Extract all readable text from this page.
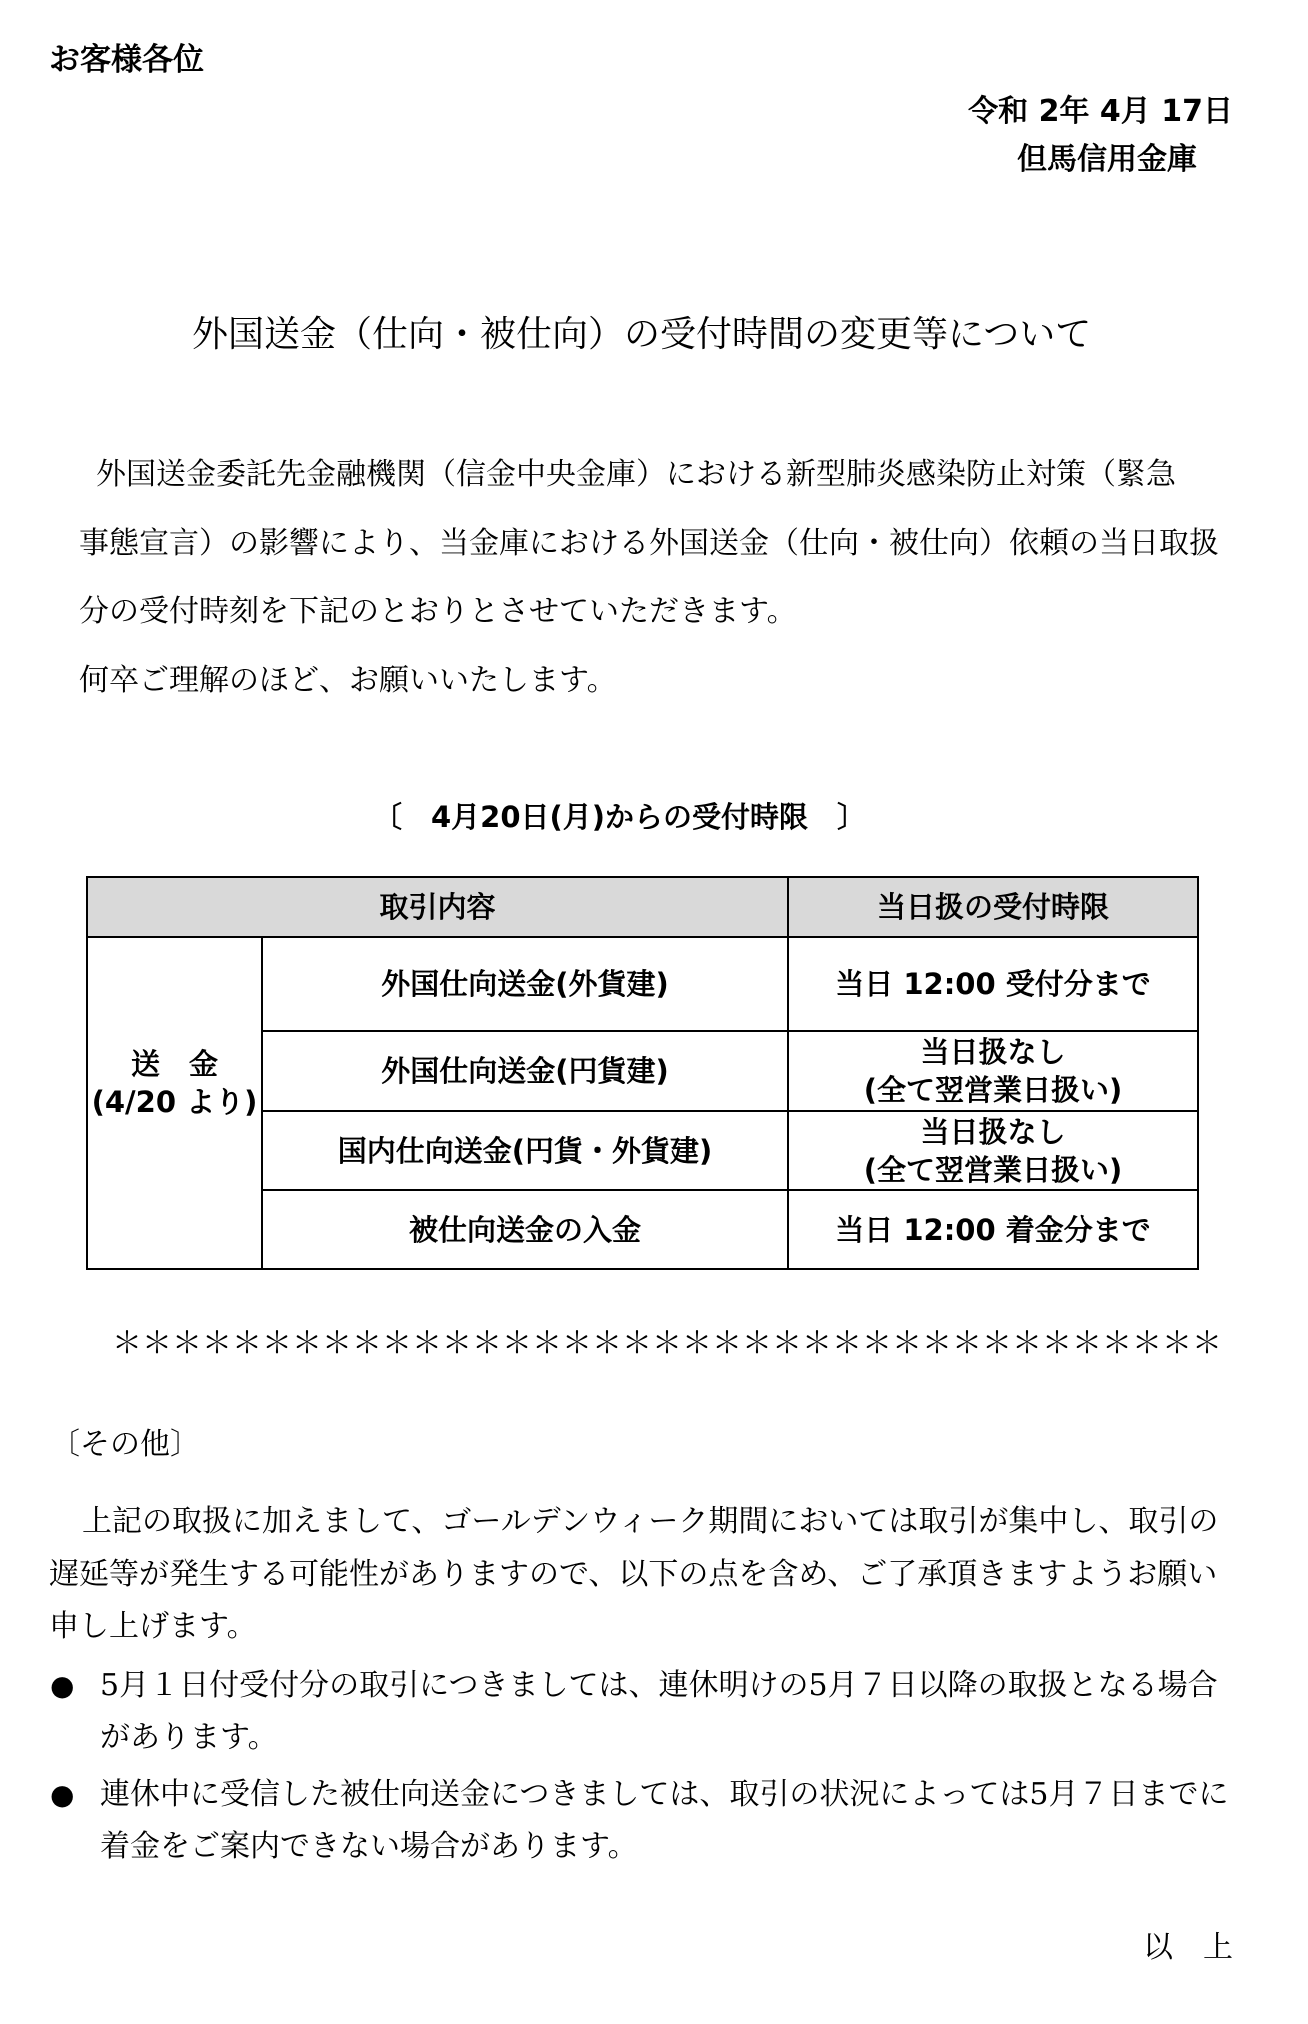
お客様各位
令和 2年 4月 17日
但馬信用金庫
外国送金（仕向・被仕向）の受付時間の変更等について
外国送金委託先金融機関（信金中央金庫）における新型肺炎感染防止対策（緊急
事態宣言）の影響により、当金庫における外国送金（仕向・被仕向）依頼の当日取扱
分の受付時刻を下記のとおりとさせていただきます。
何卒ご理解のほど、お願いいたします。
〔　4月20日(月)からの受付時限　〕
取引内容		当日扱の受付時限

送　金
(4/20 より)	外国仕向送金(外貨建)	当日 12:00 受付分まで

	外国仕向送金(円貨建)	当日扱なし
(全て翌営業日扱い)

	国内仕向送金(円貨・外貨建)	当日扱なし
(全て翌営業日扱い)

	被仕向送金の入金	当日 12:00 着金分まで
＊＊＊＊＊＊＊＊＊＊＊＊＊＊＊＊＊＊＊＊＊＊＊＊＊＊＊＊＊＊＊＊＊＊＊＊＊
〔その他〕
上記の取扱に加えまして、ゴールデンウィーク期間においては取引が集中し、取引の
遅延等が発生する可能性がありますので、以下の点を含め、ご了承頂きますようお願い
申し上げます。
● 5月１日付受付分の取引につきましては、連休明けの5月７日以降の取扱となる場合
があります。
● 連休中に受信した被仕向送金につきましては、取引の状況によっては5月７日までに
着金をご案内できない場合があります。
以　上
